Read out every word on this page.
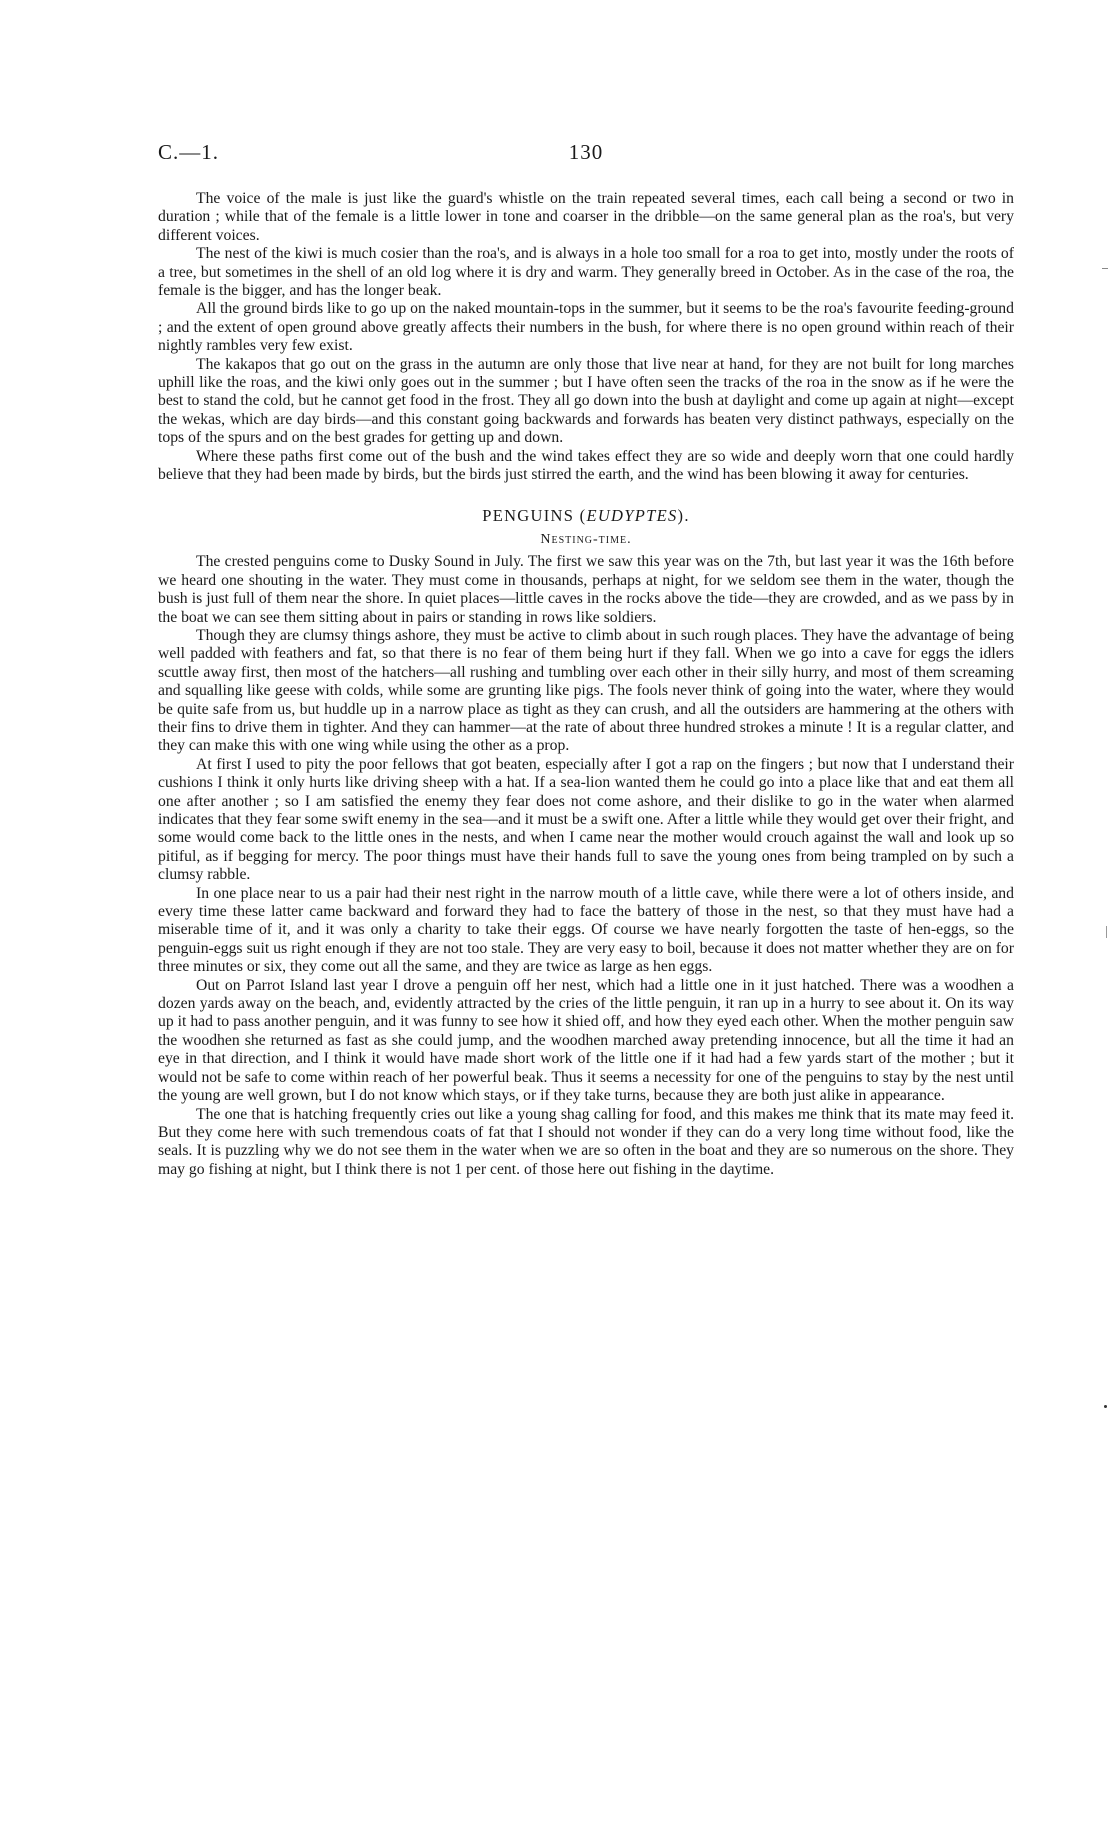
C.—1.	130

The voice of the male is just like the guard's whistle on the train repeated several times, each call being a second or two in duration ; while that of the female is a little lower in tone and coarser in the dribble—on the same general plan as the roa's, but very different voices.

The nest of the kiwi is much cosier than the roa's, and is always in a hole too small for a roa to get into, mostly under the roots of a tree, but sometimes in the shell of an old log where it is dry and warm. They generally breed in October. As in the case of the roa, the female is the bigger, and has the longer beak.

All the ground birds like to go up on the naked mountain-tops in the summer, but it seems to be the roa's favourite feeding-ground ; and the extent of open ground above greatly affects their numbers in the bush, for where there is no open ground within reach of their nightly rambles very few exist.

The kakapos that go out on the grass in the autumn are only those that live near at hand, for they are not built for long marches uphill like the roas, and the kiwi only goes out in the summer ; but I have often seen the tracks of the roa in the snow as if he were the best to stand the cold, but he cannot get food in the frost. They all go down into the bush at daylight and come up again at night—except the wekas, which are day birds—and this constant going backwards and forwards has beaten very distinct pathways, especially on the tops of the spurs and on the best grades for getting up and down.

Where these paths first come out of the bush and the wind takes effect they are so wide and deeply worn that one could hardly believe that they had been made by birds, but the birds just stirred the earth, and the wind has been blowing it away for centuries.

PENGUINS (EUDYPTES).
Nesting-time.

The crested penguins come to Dusky Sound in July. The first we saw this year was on the 7th, but last year it was the 16th before we heard one shouting in the water. They must come in thousands, perhaps at night, for we seldom see them in the water, though the bush is just full of them near the shore. In quiet places—little caves in the rocks above the tide—they are crowded, and as we pass by in the boat we can see them sitting about in pairs or standing in rows like soldiers.

Though they are clumsy things ashore, they must be active to climb about in such rough places. They have the advantage of being well padded with feathers and fat, so that there is no fear of them being hurt if they fall. When we go into a cave for eggs the idlers scuttle away first, then most of the hatchers—all rushing and tumbling over each other in their silly hurry, and most of them screaming and squalling like geese with colds, while some are grunting like pigs. The fools never think of going into the water, where they would be quite safe from us, but huddle up in a narrow place as tight as they can crush, and all the outsiders are hammering at the others with their fins to drive them in tighter. And they can hammer—at the rate of about three hundred strokes a minute ! It is a regular clatter, and they can make this with one wing while using the other as a prop.

At first I used to pity the poor fellows that got beaten, especially after I got a rap on the fingers ; but now that I understand their cushions I think it only hurts like driving sheep with a hat. If a sea-lion wanted them he could go into a place like that and eat them all one after another ; so I am satisfied the enemy they fear does not come ashore, and their dislike to go in the water when alarmed indicates that they fear some swift enemy in the sea—and it must be a swift one. After a little while they would get over their fright, and some would come back to the little ones in the nests, and when I came near the mother would crouch against the wall and look up so pitiful, as if begging for mercy. The poor things must have their hands full to save the young ones from being trampled on by such a clumsy rabble.

In one place near to us a pair had their nest right in the narrow mouth of a little cave, while there were a lot of others inside, and every time these latter came backward and forward they had to face the battery of those in the nest, so that they must have had a miserable time of it, and it was only a charity to take their eggs. Of course we have nearly forgotten the taste of hen-eggs, so the penguin-eggs suit us right enough if they are not too stale. They are very easy to boil, because it does not matter whether they are on for three minutes or six, they come out all the same, and they are twice as large as hen eggs.

Out on Parrot Island last year I drove a penguin off her nest, which had a little one in it just hatched. There was a woodhen a dozen yards away on the beach, and, evidently attracted by the cries of the little penguin, it ran up in a hurry to see about it. On its way up it had to pass another penguin, and it was funny to see how it shied off, and how they eyed each other. When the mother penguin saw the woodhen she returned as fast as she could jump, and the woodhen marched away pretending innocence, but all the time it had an eye in that direction, and I think it would have made short work of the little one if it had had a few yards start of the mother ; but it would not be safe to come within reach of her powerful beak. Thus it seems a necessity for one of the penguins to stay by the nest until the young are well grown, but I do not know which stays, or if they take turns, because they are both just alike in appearance.

The one that is hatching frequently cries out like a young shag calling for food, and this makes me think that its mate may feed it. But they come here with such tremendous coats of fat that I should not wonder if they can do a very long time without food, like the seals. It is puzzling why we do not see them in the water when we are so often in the boat and they are so numerous on the shore. They may go fishing at night, but I think there is not 1 per cent. of those here out fishing in the daytime.
